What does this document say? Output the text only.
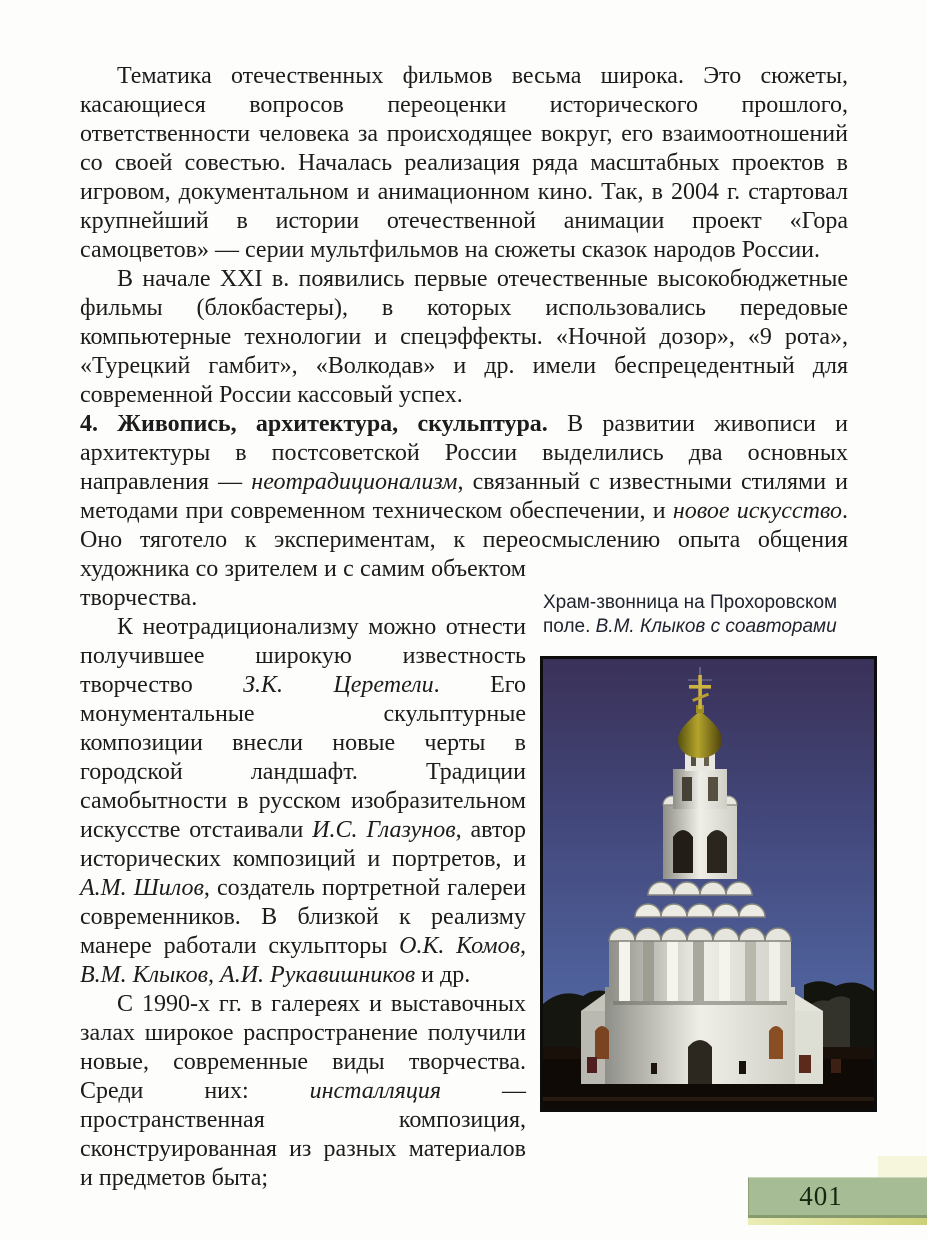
Тематика отечественных фильмов весьма широка. Это сюжеты, касающиеся вопросов переоценки исторического прошлого, ответственности человека за происходящее вокруг, его взаимоотношений со своей совестью. Началась реализация ряда масштабных проектов в игровом, документальном и анимационном кино. Так, в 2004 г. стартовал крупнейший в истории отечественной анимации проект «Гора самоцветов» — серии мультфильмов на сюжеты сказок народов России.

В начале XXI в. появились первые отечественные высокобюджетные фильмы (блокбастеры), в которых использовались передовые компьютерные технологии и спецэффекты. «Ночной дозор», «9 рота», «Турецкий гамбит», «Волкодав» и др. имели беспрецедентный для современной России кассовый успех.

4. Живопись, архитектура, скульптура. В развитии живописи и архитектуры в постсоветской России выделились два основных направления — неотрадиционализм, связанный с известными стилями и методами при современном техническом обеспечении, и новое искусство. Оно тяготело к экспериментам, к переосмыслению
Храм-звонница на Прохоровском поле. В.М. Клыков с соавторами
опыта общения художника со зрителем и с самим объектом творчества.

К неотрадиционализму можно отнести получившее широкую известность творчество З.К. Церетели. Его монументальные скульптурные композиции внесли новые черты в городской ландшафт. Традиции самобытности в русском изобразительном искусстве отстаивали И.С. Глазунов, автор исторических композиций и портретов, и А.М. Шилов, создатель портретной галереи современников. В близкой к реализму манере работали скульпторы О.К. Комов, В.М. Клыков, А.И. Рукавишников и др.

С 1990-х гг. в галереях и выставочных залах широкое распространение получили новые, современные виды творчества. Среди них: инсталляция — пространственная композиция, сконструированная из разных материалов и предметов быта;

401
